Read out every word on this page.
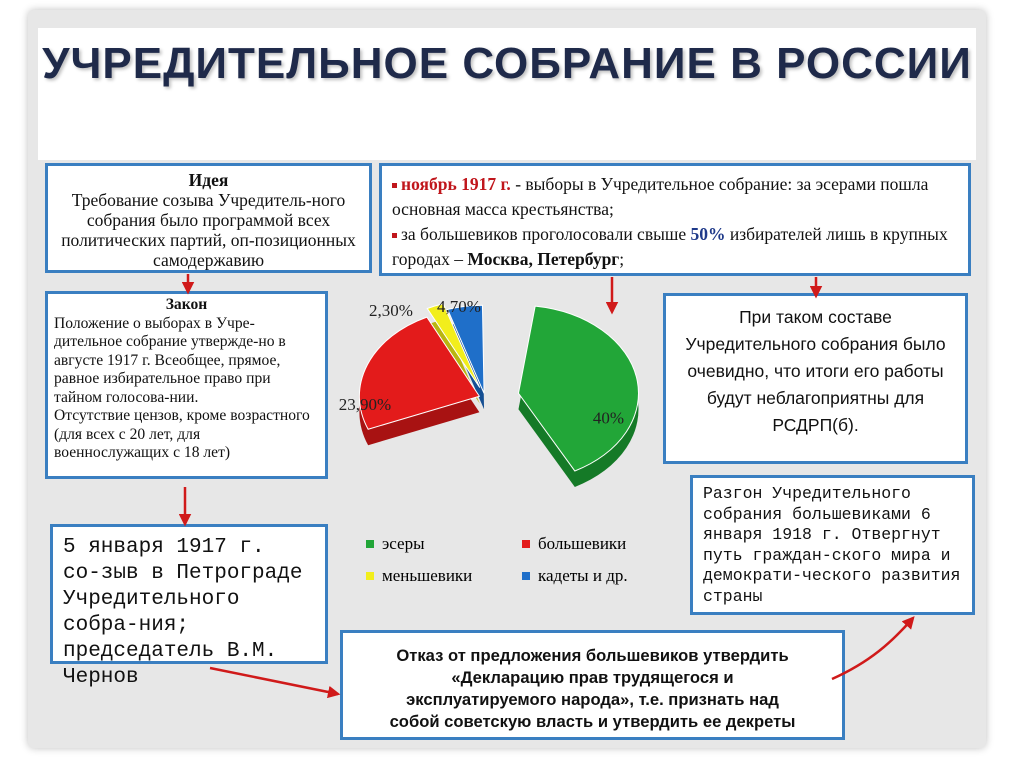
УЧРЕДИТЕЛЬНОЕ СОБРАНИЕ В РОССИИ
Идея
Требование созыва Учредитель-ного собрания было программой всех политических партий, оп-позиционных самодержавию
Закон
Положение о выборах в Учре-дительное собрание утвержде-но в августе 1917 г. Всеобщее, прямое, равное избирательное право при тайном голосова-нии.
Отсутствие цензов, кроме возрастного (для всех с 20 лет, для военнослужащих с 18 лет)
5 января 1917 г. со-зыв в Петрограде Учредительного собра-ния; председатель В.М. Чернов
ноябрь 1917 г. - выборы в Учредительное собрание: за эсерами пошла основная масса крестьянства;
за большевиков проголосовали свыше 50% избирателей лишь в крупных городах – Москва, Петербург;
При таком составе Учредительного собрания было очевидно, что итоги его работы будут неблагоприятны для РСДРП(б).
Разгон Учредительного собрания большевиками 6 января 1918 г. Отвергнут путь граждан-ского мира и демократи-ческого развития страны
Отказ от предложения большевиков утвердить
«Декларацию прав трудящегося и
эксплуатируемого народа», т.е. признать над
собой советскую власть и утвердить ее декреты
40%
23,90%
2,30% 4,70%
эсеры	большевики
меньшевики	кадеты и др.
